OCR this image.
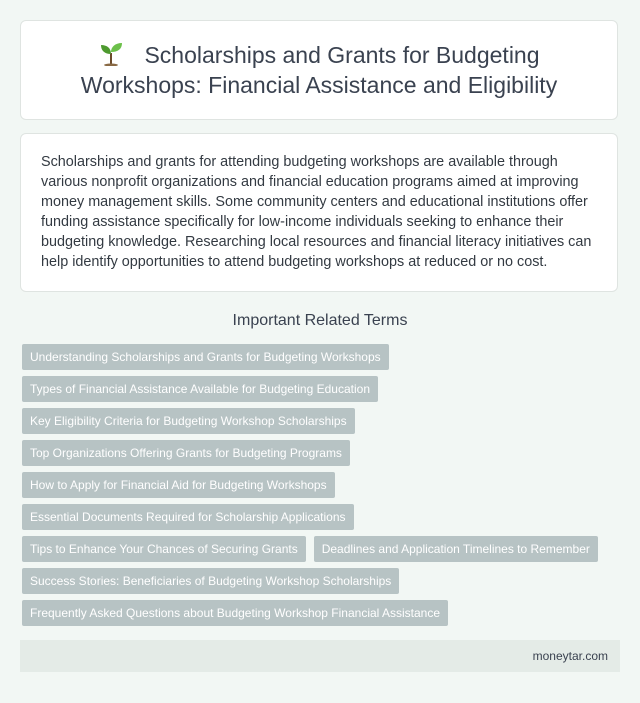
Scholarships and Grants for Budgeting Workshops: Financial Assistance and Eligibility

Scholarships and grants for attending budgeting workshops are available through various nonprofit organizations and financial education programs aimed at improving money management skills. Some community centers and educational institutions offer funding assistance specifically for low-income individuals seeking to enhance their budgeting knowledge. Researching local resources and financial literacy initiatives can help identify opportunities to attend budgeting workshops at reduced or no cost.

Important Related Terms
Understanding Scholarships and Grants for Budgeting Workshops
Types of Financial Assistance Available for Budgeting Education
Key Eligibility Criteria for Budgeting Workshop Scholarships
Top Organizations Offering Grants for Budgeting Programs
How to Apply for Financial Aid for Budgeting Workshops
Essential Documents Required for Scholarship Applications
Tips to Enhance Your Chances of Securing Grants	Deadlines and Application Timelines to Remember
Success Stories: Beneficiaries of Budgeting Workshop Scholarships
Frequently Asked Questions about Budgeting Workshop Financial Assistance
moneytar.com
